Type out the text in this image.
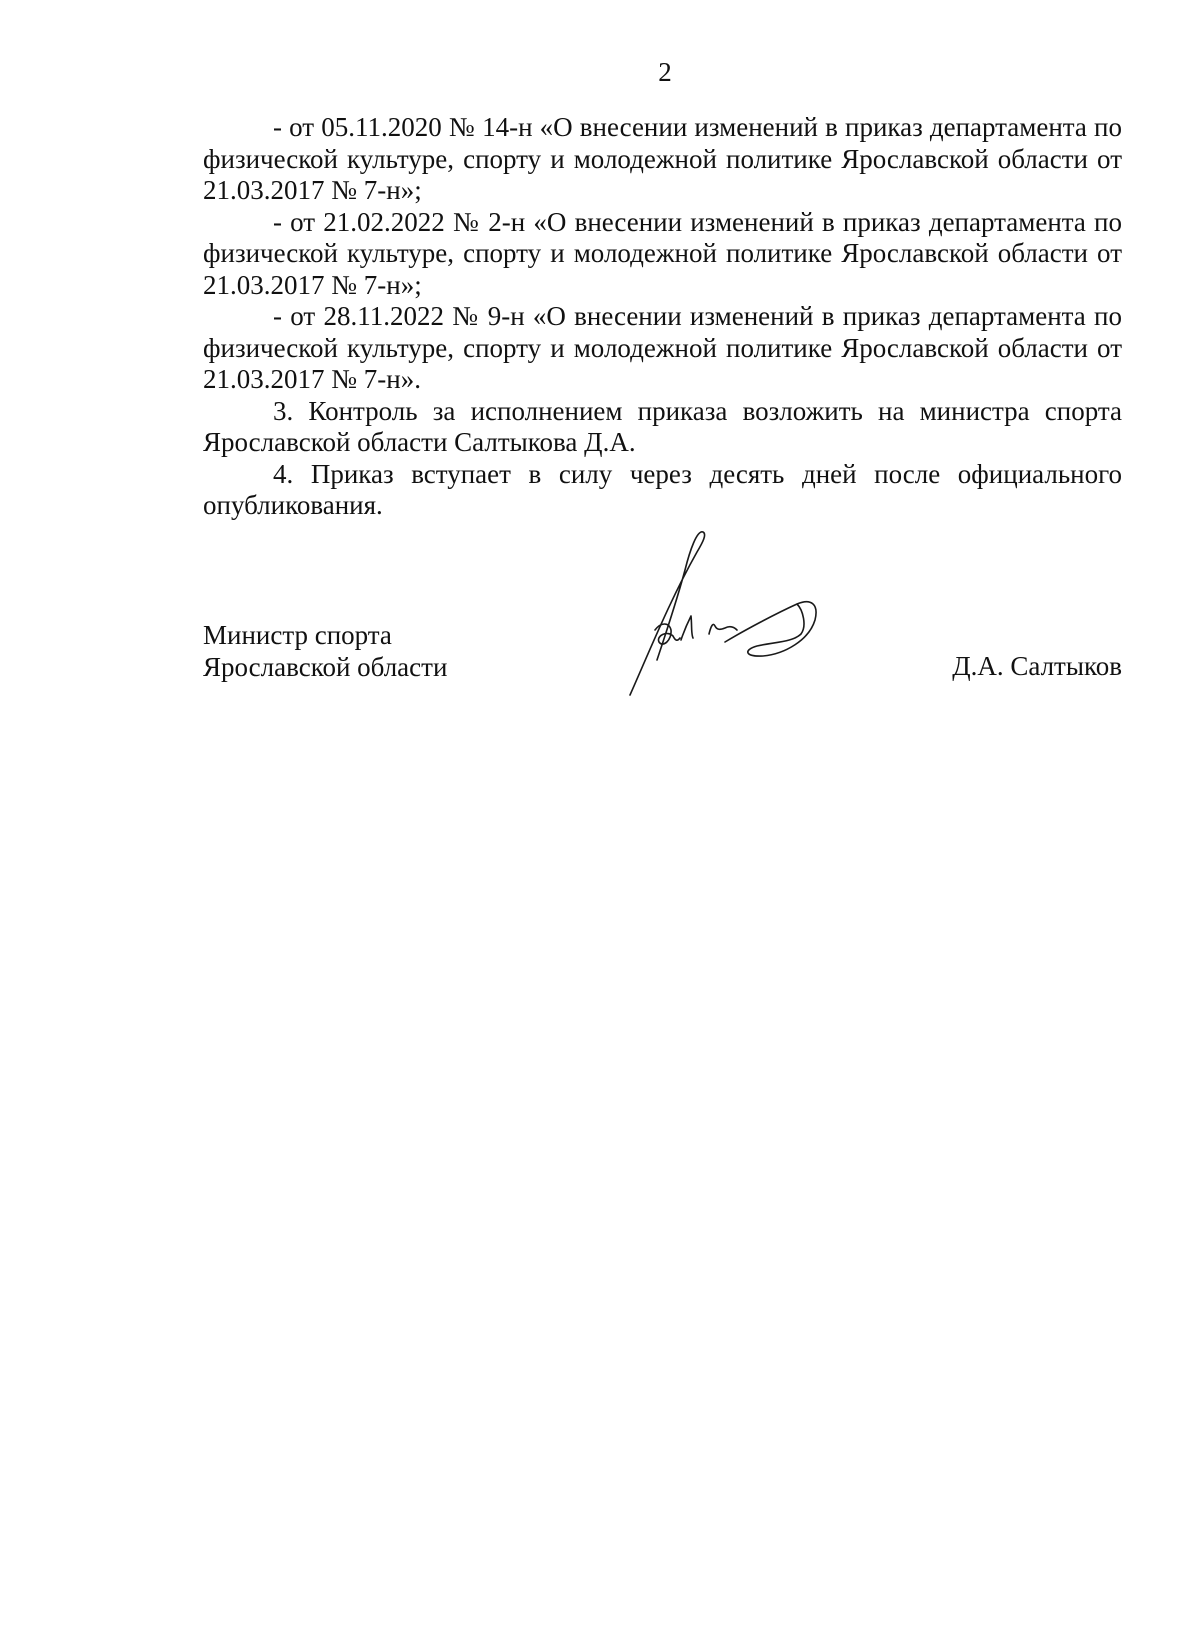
2

- от 05.11.2020 № 14-н «О внесении изменений в приказ департамента по физической культуре, спорту и молодежной политике Ярославской области от 21.03.2017 № 7-н»;

- от 21.02.2022 № 2-н «О внесении изменений в приказ департамента по физической культуре, спорту и молодежной политике Ярославской области от 21.03.2017 № 7-н»;

- от 28.11.2022 № 9-н «О внесении изменений в приказ департамента по физической культуре, спорту и молодежной политике Ярославской области от 21.03.2017 № 7-н».

3. Контроль за исполнением приказа возложить на министра спорта Ярославской области Салтыкова Д.А.

4. Приказ вступает в силу через десять дней после официального опубликования.

Министр спорта
Ярославской области	Д.А. Салтыков
